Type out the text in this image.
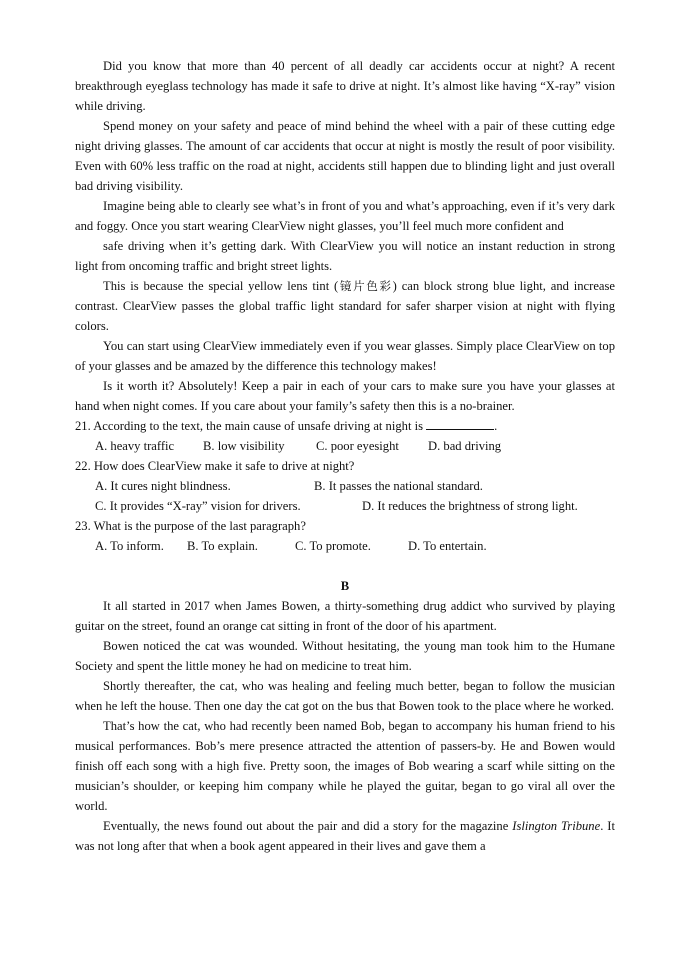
Did you know that more than 40 percent of all deadly car accidents occur at night? A recent breakthrough eyeglass technology has made it safe to drive at night. It’s almost like having “X-ray” vision while driving.

Spend money on your safety and peace of mind behind the wheel with a pair of these cutting edge night driving glasses. The amount of car accidents that occur at night is mostly the result of poor visibility. Even with 60% less traffic on the road at night, accidents still happen due to blinding light and just overall bad driving visibility.

Imagine being able to clearly see what’s in front of you and what’s approaching, even if it’s very dark and foggy. Once you start wearing ClearView night glasses, you’ll feel much more confident and

safe driving when it’s getting dark. With ClearView you will notice an instant reduction in strong light from oncoming traffic and bright street lights.

This is because the special yellow lens tint (镜片色彩) can block strong blue light, and increase contrast. ClearView passes the global traffic light standard for safer sharper vision at night with flying colors.

You can start using ClearView immediately even if you wear glasses. Simply place ClearView on top of your glasses and be amazed by the difference this technology makes!

Is it worth it? Absolutely! Keep a pair in each of your cars to make sure you have your glasses at hand when night comes. If you care about your family’s safety then this is a no-brainer.

21. According to the text, the main cause of unsafe driving at night is	.

A. heavy traffic	B. low visibility	C. poor eyesight	D. bad driving

22. How does ClearView make it safe to drive at night?

A. It cures night blindness.	B. It passes the national standard.
C. It provides “X-ray” vision for drivers.	D. It reduces the brightness of strong light.

23. What is the purpose of the last paragraph?

A. To inform.	B. To explain.	C. To promote.	D. To entertain.
B

It all started in 2017 when James Bowen, a thirty-something drug addict who survived by playing guitar on the street, found an orange cat sitting in front of the door of his apartment.

Bowen noticed the cat was wounded. Without hesitating, the young man took him to the Humane Society and spent the little money he had on medicine to treat him.

Shortly thereafter, the cat, who was healing and feeling much better, began to follow the musician when he left the house. Then one day the cat got on the bus that Bowen took to the place where he worked.

That’s how the cat, who had recently been named Bob, began to accompany his human friend to his musical performances. Bob’s mere presence attracted the attention of passers-by. He and Bowen would finish off each song with a high five. Pretty soon, the images of Bob wearing a scarf while sitting on the musician’s shoulder, or keeping him company while he played the guitar, began to go viral all over the world.

Eventually, the news found out about the pair and did a story for the magazine Islington Tribune. It was not long after that when a book agent appeared in their lives and gave them a
